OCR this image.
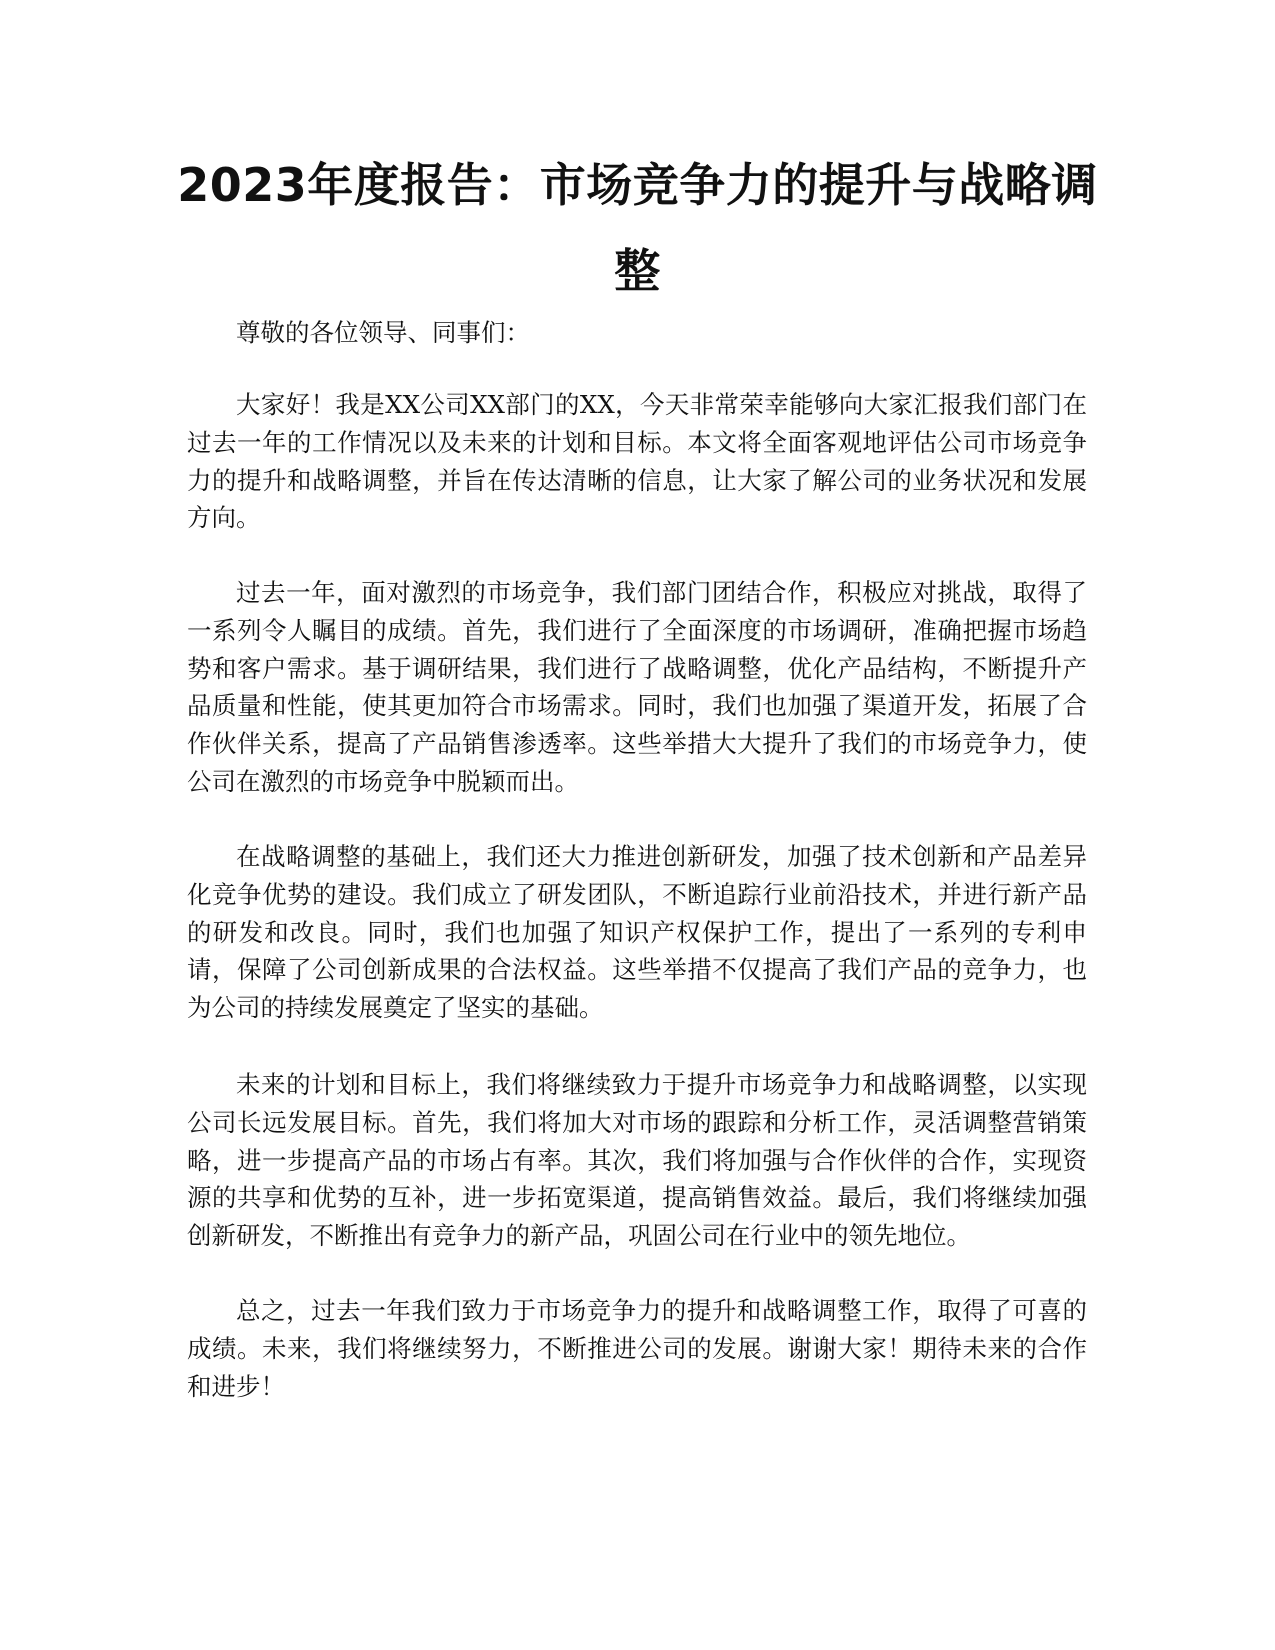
2023年度报告：市场竞争力的提升与战略调整

尊敬的各位领导、同事们：

大家好！我是XX公司XX部门的XX，今天非常荣幸能够向大家汇报我们部门在过去一年的工作情况以及未来的计划和目标。本文将全面客观地评估公司市场竞争力的提升和战略调整，并旨在传达清晰的信息，让大家了解公司的业务状况和发展方向。

过去一年，面对激烈的市场竞争，我们部门团结合作，积极应对挑战，取得了一系列令人瞩目的成绩。首先，我们进行了全面深度的市场调研，准确把握市场趋势和客户需求。基于调研结果，我们进行了战略调整，优化产品结构，不断提升产品质量和性能，使其更加符合市场需求。同时，我们也加强了渠道开发，拓展了合作伙伴关系，提高了产品销售渗透率。这些举措大大提升了我们的市场竞争力，使公司在激烈的市场竞争中脱颖而出。

在战略调整的基础上，我们还大力推进创新研发，加强了技术创新和产品差异化竞争优势的建设。我们成立了研发团队，不断追踪行业前沿技术，并进行新产品的研发和改良。同时，我们也加强了知识产权保护工作，提出了一系列的专利申请，保障了公司创新成果的合法权益。这些举措不仅提高了我们产品的竞争力，也为公司的持续发展奠定了坚实的基础。

未来的计划和目标上，我们将继续致力于提升市场竞争力和战略调整，以实现公司长远发展目标。首先，我们将加大对市场的跟踪和分析工作，灵活调整营销策略，进一步提高产品的市场占有率。其次，我们将加强与合作伙伴的合作，实现资源的共享和优势的互补，进一步拓宽渠道，提高销售效益。最后，我们将继续加强创新研发，不断推出有竞争力的新产品，巩固公司在行业中的领先地位。

总之，过去一年我们致力于市场竞争力的提升和战略调整工作，取得了可喜的成绩。未来，我们将继续努力，不断推进公司的发展。谢谢大家！期待未来的合作和进步！
